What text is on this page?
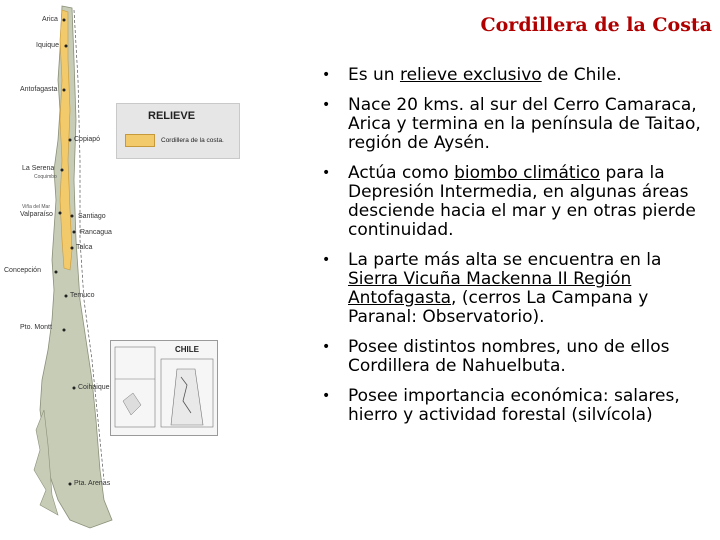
Cordillera de la Costa
Arica
Iquique
Antofagasta
Copiapó
La Serena
Coquimbo
Viña del Mar
Valparaíso	Santiago
Rancagua
Talca
Concepción
Temuco
Pto. Montt
Coihaique
Pta. Arenas
RELIEVE
Cordillera de la costa.
CHILE
• Es un relieve exclusivo de Chile.
• Nace 20 kms. al sur del Cerro Camaraca, Arica y termina en la península de Taitao, región de Aysén.
• Actúa como biombo climático para la Depresión Intermedia, en algunas áreas desciende hacia el mar y en otras pierde continuidad.
• La parte más alta se encuentra en la Sierra Vicuña Mackenna II Región Antofagasta, (cerros La Campana y Paranal: Observatorio).
• Posee distintos nombres, uno de ellos Cordillera de Nahuelbuta.
• Posee importancia económica: salares, hierro y actividad forestal (silvícola)
